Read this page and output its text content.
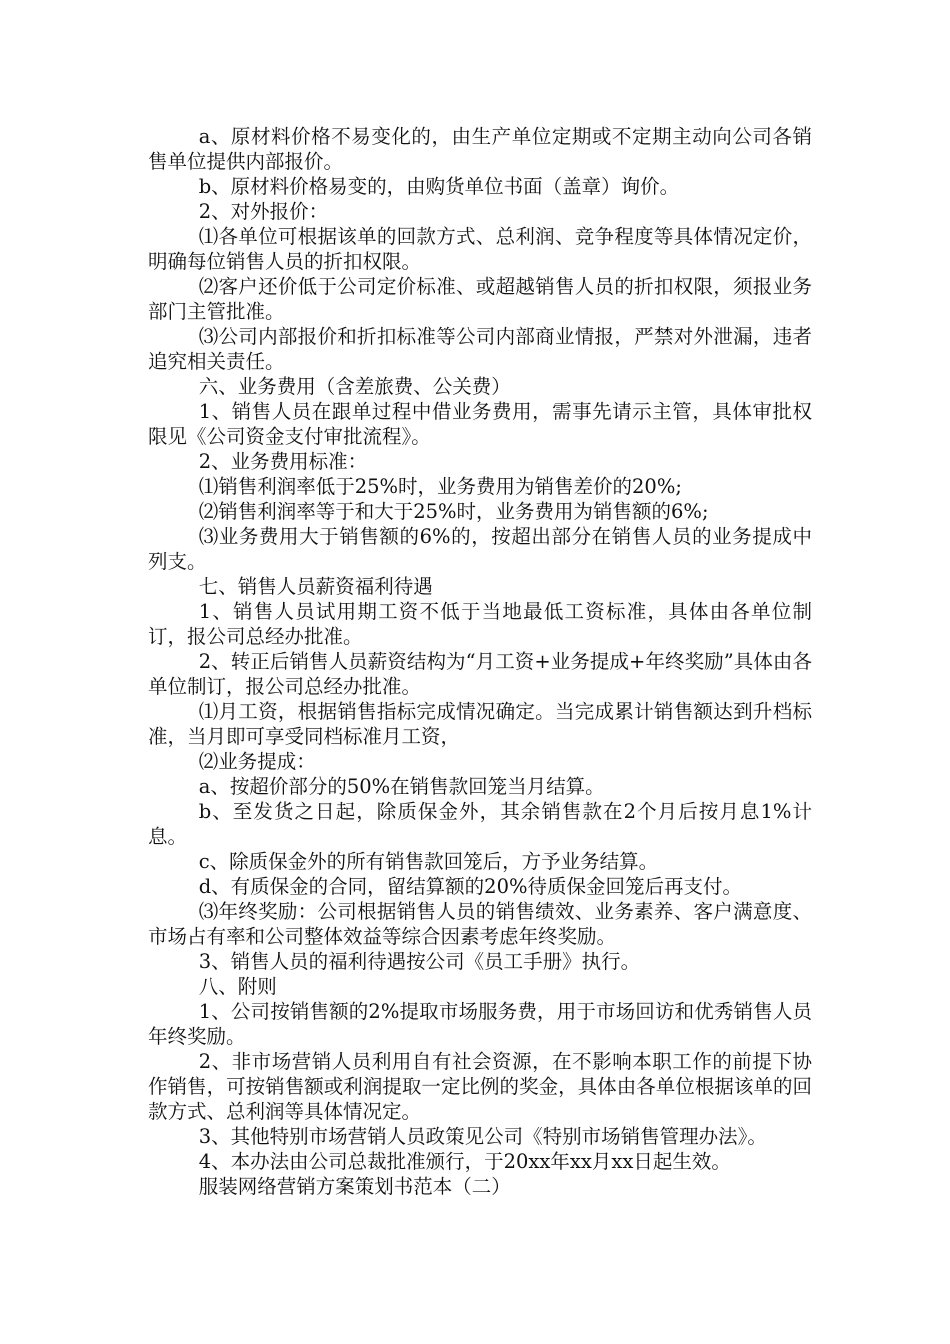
a、原材料价格不易变化的，由生产单位定期或不定期主动向公司各销售单位提供内部报价。

b、原材料价格易变的，由购货单位书面（盖章）询价。

2、对外报价：

⑴各单位可根据该单的回款方式、总利润、竞争程度等具体情况定价，明确每位销售人员的折扣权限。

⑵客户还价低于公司定价标准、或超越销售人员的折扣权限，须报业务部门主管批准。

⑶公司内部报价和折扣标准等公司内部商业情报，严禁对外泄漏，违者追究相关责任。

六、业务费用（含差旅费、公关费）

1、销售人员在跟单过程中借业务费用，需事先请示主管，具体审批权限见《公司资金支付审批流程》。

2、业务费用标准：

⑴销售利润率低于25%时，业务费用为销售差价的20%;

⑵销售利润率等于和大于25%时，业务费用为销售额的6%;

⑶业务费用大于销售额的6%的，按超出部分在销售人员的业务提成中列支。

七、销售人员薪资福利待遇

1、销售人员试用期工资不低于当地最低工资标准，具体由各单位制订，报公司总经办批准。

2、转正后销售人员薪资结构为“月工资+业务提成+年终奖励”具体由各单位制订，报公司总经办批准。

⑴月工资，根据销售指标完成情况确定。当完成累计销售额达到升档标准，当月即可享受同档标准月工资，

⑵业务提成：

a、按超价部分的50%在销售款回笼当月结算。

b、至发货之日起，除质保金外，其余销售款在2个月后按月息1%计息。

c、除质保金外的所有销售款回笼后，方予业务结算。

d、有质保金的合同，留结算额的20%待质保金回笼后再支付。

⑶年终奖励：公司根据销售人员的销售绩效、业务素养、客户满意度、市场占有率和公司整体效益等综合因素考虑年终奖励。

3、销售人员的福利待遇按公司《员工手册》执行。

八、附则

1、公司按销售额的2%提取市场服务费，用于市场回访和优秀销售人员年终奖励。

2、非市场营销人员利用自有社会资源，在不影响本职工作的前提下协作销售，可按销售额或利润提取一定比例的奖金，具体由各单位根据该单的回款方式、总利润等具体情况定。

3、其他特别市场营销人员政策见公司《特别市场销售管理办法》。

4、本办法由公司总裁批准颁行，于20xx年xx月xx日起生效。

服装网络营销方案策划书范本（二）
